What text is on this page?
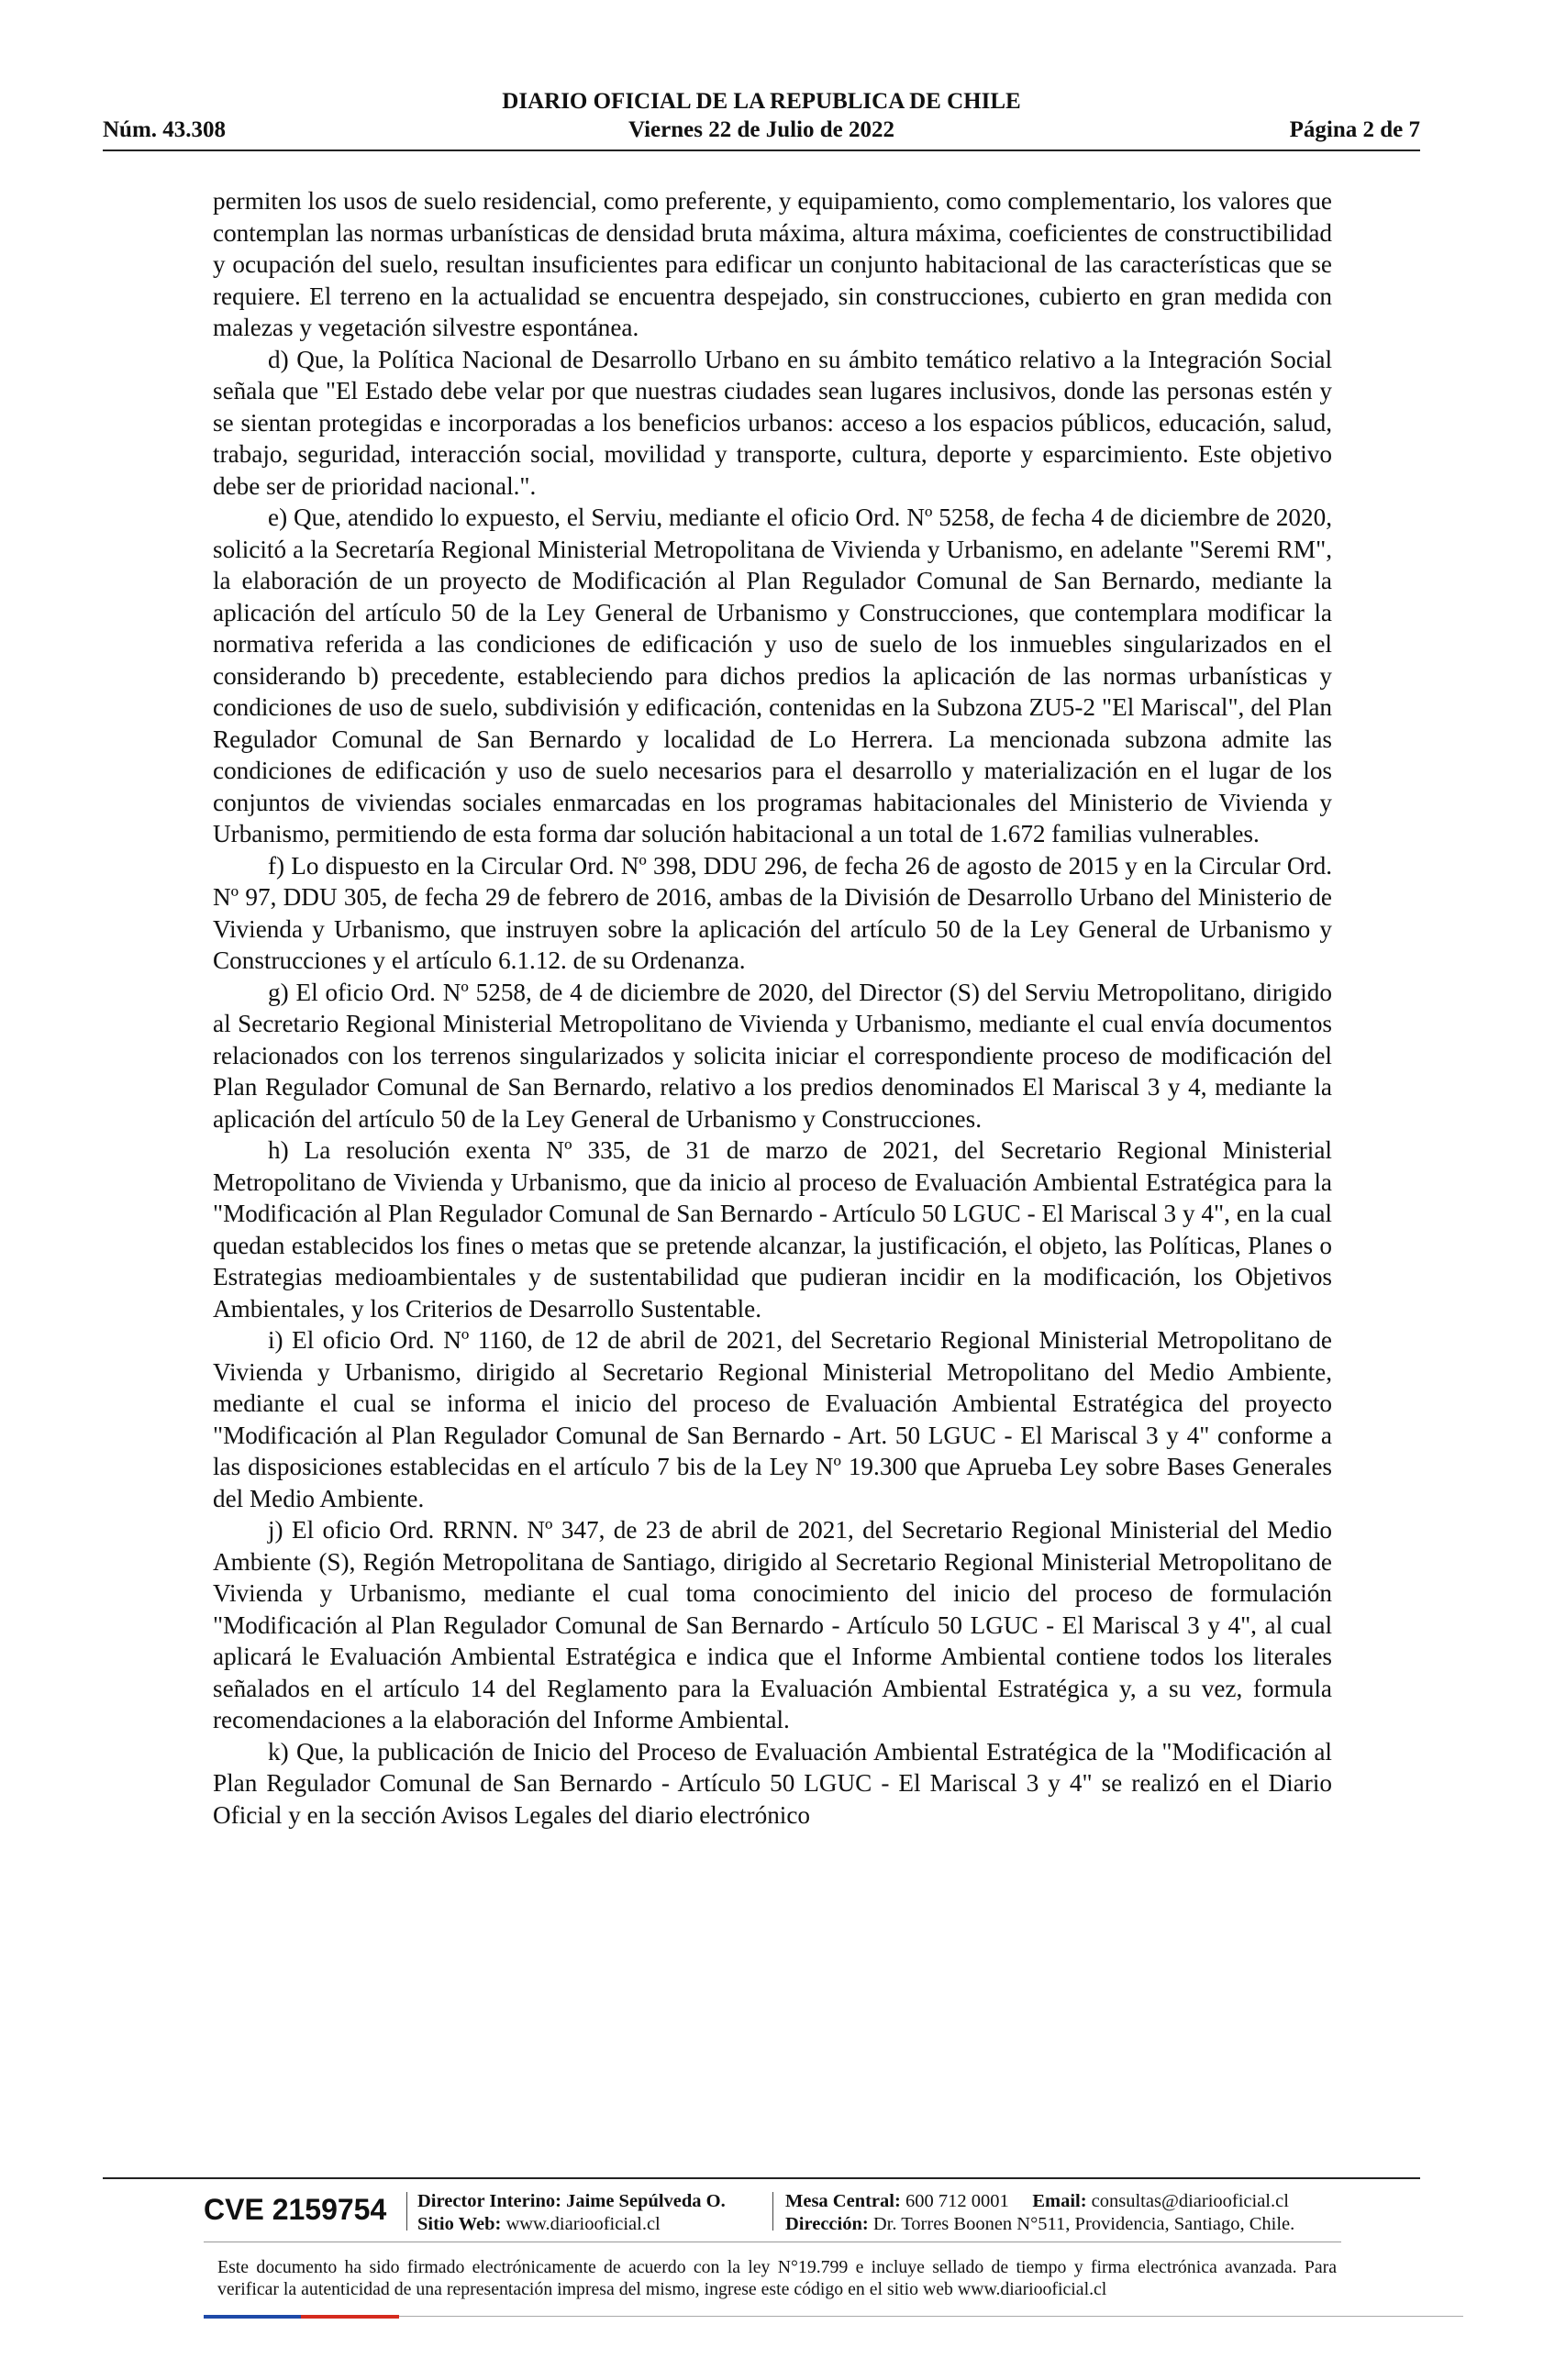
DIARIO OFICIAL DE LA REPUBLICA DE CHILE
Núm. 43.308	Viernes 22 de Julio de 2022	Página 2 de 7

permiten los usos de suelo residencial, como preferente, y equipamiento, como complementario, los valores que contemplan las normas urbanísticas de densidad bruta máxima, altura máxima, coeficientes de constructibilidad y ocupación del suelo, resultan insuficientes para edificar un conjunto habitacional de las características que se requiere. El terreno en la actualidad se encuentra despejado, sin construcciones, cubierto en gran medida con malezas y vegetación silvestre espontánea.

d) Que, la Política Nacional de Desarrollo Urbano en su ámbito temático relativo a la Integración Social señala que "El Estado debe velar por que nuestras ciudades sean lugares inclusivos, donde las personas estén y se sientan protegidas e incorporadas a los beneficios urbanos: acceso a los espacios públicos, educación, salud, trabajo, seguridad, interacción social, movilidad y transporte, cultura, deporte y esparcimiento. Este objetivo debe ser de prioridad nacional.".

e) Que, atendido lo expuesto, el Serviu, mediante el oficio Ord. Nº 5258, de fecha 4 de diciembre de 2020, solicitó a la Secretaría Regional Ministerial Metropolitana de Vivienda y Urbanismo, en adelante "Seremi RM", la elaboración de un proyecto de Modificación al Plan Regulador Comunal de San Bernardo, mediante la aplicación del artículo 50 de la Ley General de Urbanismo y Construcciones, que contemplara modificar la normativa referida a las condiciones de edificación y uso de suelo de los inmuebles singularizados en el considerando b) precedente, estableciendo para dichos predios la aplicación de las normas urbanísticas y condiciones de uso de suelo, subdivisión y edificación, contenidas en la Subzona ZU5-2 "El Mariscal", del Plan Regulador Comunal de San Bernardo y localidad de Lo Herrera. La mencionada subzona admite las condiciones de edificación y uso de suelo necesarios para el desarrollo y materialización en el lugar de los conjuntos de viviendas sociales enmarcadas en los programas habitacionales del Ministerio de Vivienda y Urbanismo, permitiendo de esta forma dar solución habitacional a un total de 1.672 familias vulnerables.

f) Lo dispuesto en la Circular Ord. Nº 398, DDU 296, de fecha 26 de agosto de 2015 y en la Circular Ord. Nº 97, DDU 305, de fecha 29 de febrero de 2016, ambas de la División de Desarrollo Urbano del Ministerio de Vivienda y Urbanismo, que instruyen sobre la aplicación del artículo 50 de la Ley General de Urbanismo y Construcciones y el artículo 6.1.12. de su Ordenanza.

g) El oficio Ord. Nº 5258, de 4 de diciembre de 2020, del Director (S) del Serviu Metropolitano, dirigido al Secretario Regional Ministerial Metropolitano de Vivienda y Urbanismo, mediante el cual envía documentos relacionados con los terrenos singularizados y solicita iniciar el correspondiente proceso de modificación del Plan Regulador Comunal de San Bernardo, relativo a los predios denominados El Mariscal 3 y 4, mediante la aplicación del artículo 50 de la Ley General de Urbanismo y Construcciones.

h) La resolución exenta Nº 335, de 31 de marzo de 2021, del Secretario Regional Ministerial Metropolitano de Vivienda y Urbanismo, que da inicio al proceso de Evaluación Ambiental Estratégica para la "Modificación al Plan Regulador Comunal de San Bernardo - Artículo 50 LGUC - El Mariscal 3 y 4", en la cual quedan establecidos los fines o metas que se pretende alcanzar, la justificación, el objeto, las Políticas, Planes o Estrategias medioambientales y de sustentabilidad que pudieran incidir en la modificación, los Objetivos Ambientales, y los Criterios de Desarrollo Sustentable.

i) El oficio Ord. Nº 1160, de 12 de abril de 2021, del Secretario Regional Ministerial Metropolitano de Vivienda y Urbanismo, dirigido al Secretario Regional Ministerial Metropolitano del Medio Ambiente, mediante el cual se informa el inicio del proceso de Evaluación Ambiental Estratégica del proyecto "Modificación al Plan Regulador Comunal de San Bernardo - Art. 50 LGUC - El Mariscal 3 y 4" conforme a las disposiciones establecidas en el artículo 7 bis de la Ley Nº 19.300 que Aprueba Ley sobre Bases Generales del Medio Ambiente.

j) El oficio Ord. RRNN. Nº 347, de 23 de abril de 2021, del Secretario Regional Ministerial del Medio Ambiente (S), Región Metropolitana de Santiago, dirigido al Secretario Regional Ministerial Metropolitano de Vivienda y Urbanismo, mediante el cual toma conocimiento del inicio del proceso de formulación "Modificación al Plan Regulador Comunal de San Bernardo - Artículo 50 LGUC - El Mariscal 3 y 4", al cual aplicará le Evaluación Ambiental Estratégica e indica que el Informe Ambiental contiene todos los literales señalados en el artículo 14 del Reglamento para la Evaluación Ambiental Estratégica y, a su vez, formula recomendaciones a la elaboración del Informe Ambiental.

k) Que, la publicación de Inicio del Proceso de Evaluación Ambiental Estratégica de la "Modificación al Plan Regulador Comunal de San Bernardo - Artículo 50 LGUC - El Mariscal 3 y 4" se realizó en el Diario Oficial y en la sección Avisos Legales del diario electrónico

CVE 2159754 Director Interino: Jaime Sepúlveda O.
Sitio Web: www.diariooficial.cl
Mesa Central: 600 712 0001 Email: consultas@diariooficial.cl
Dirección: Dr. Torres Boonen N°511, Providencia, Santiago, Chile.
Este documento ha sido firmado electrónicamente de acuerdo con la ley N°19.799 e incluye sellado de tiempo y firma electrónica avanzada. Para verificar la autenticidad de una representación impresa del mismo, ingrese este código en el sitio web www.diariooficial.cl
